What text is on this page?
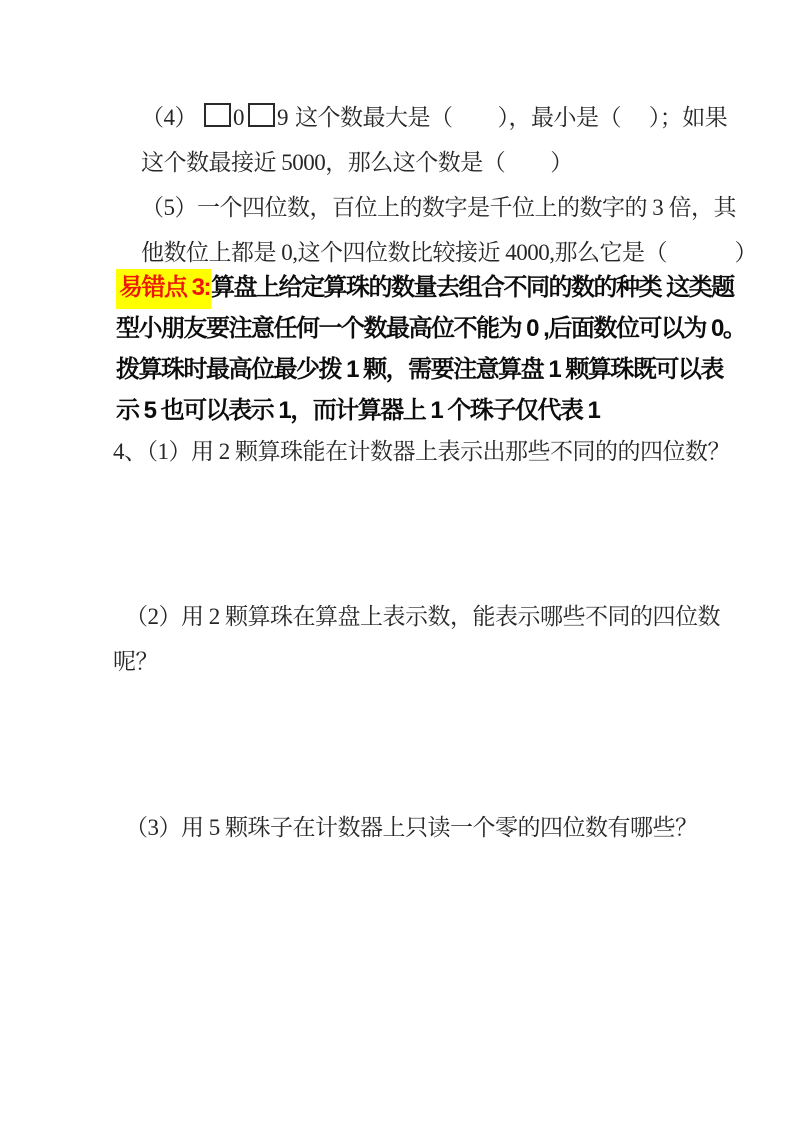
（4） 0 9 这个数最大是（　　），最小是（　 ）；如果
这个数最接近 5000，那么这个数是（　　）
（5）一个四位数，百位上的数字是千位上的数字的 3 倍，其
他数位上都是 0,这个四位数比较接近 4000,那么它是（　　　）
易错点 3:算盘上给定算珠的数量去组合不同的数的种类 这类题
型小朋友要注意任何一个数最高位不能为 0 ,后面数位可以为 0。
拨算珠时最高位最少拨 1 颗，需要注意算盘 1 颗算珠既可以表
示 5 也可以表示 1，而计算器上 1 个珠子仅代表 1
4、（1）用 2 颗算珠能在计数器上表示出那些不同的的四位数？
（2）用 2 颗算珠在算盘上表示数，能表示哪些不同的四位数
呢？
（3）用 5 颗珠子在计数器上只读一个零的四位数有哪些？
